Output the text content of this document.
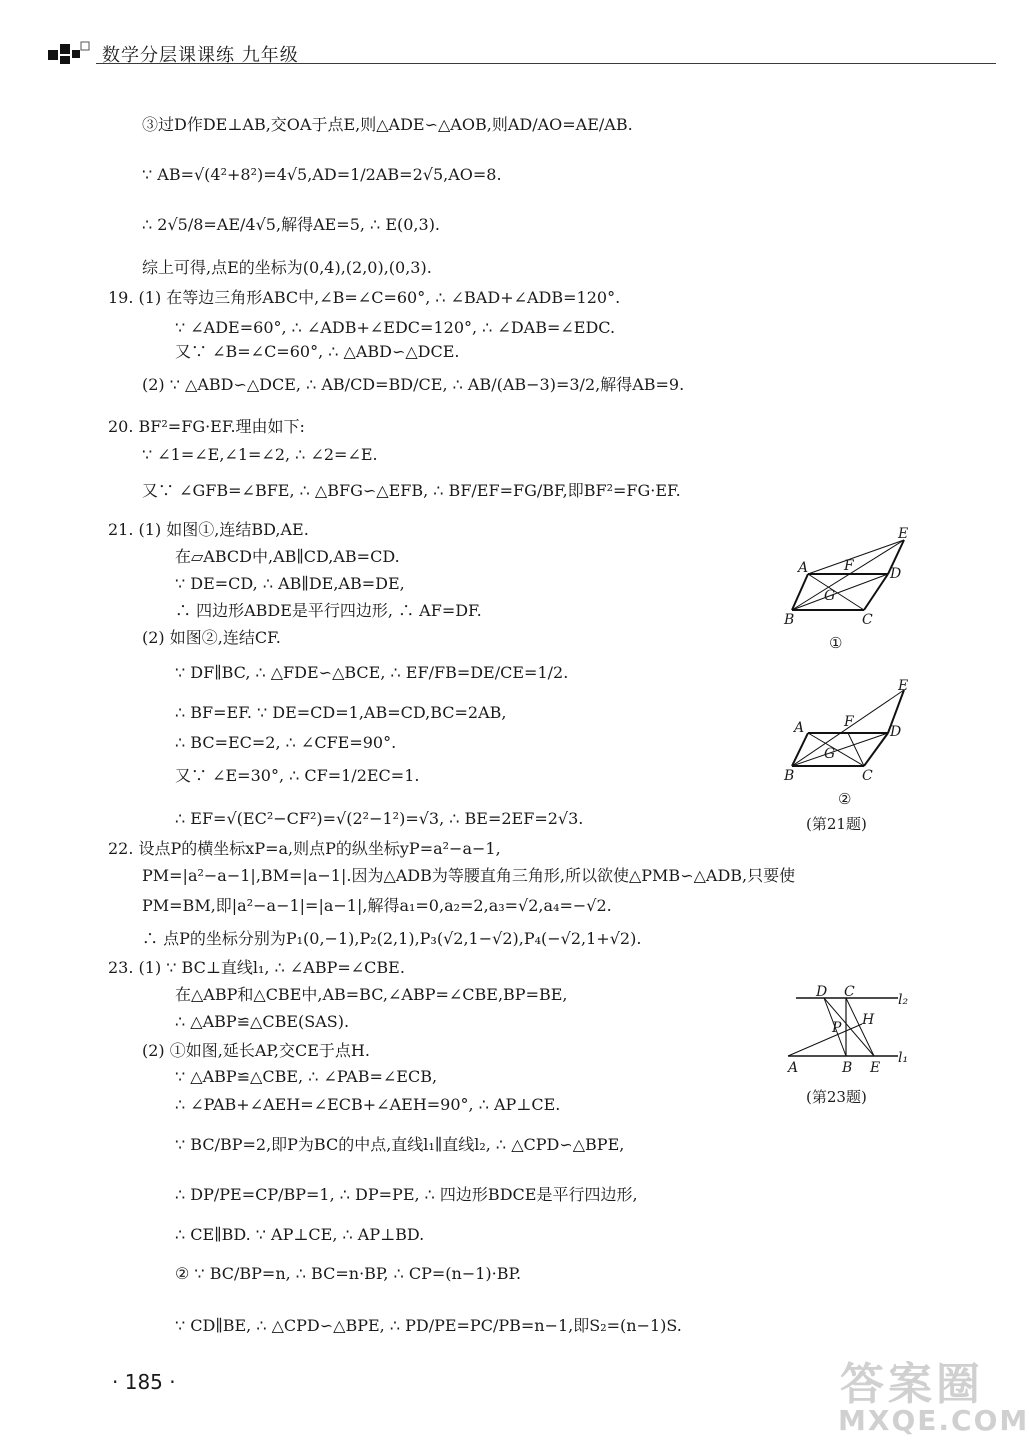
数学分层课课练 九年级
③过D作DE⊥AB,交OA于点E,则△ADE∽△AOB,则AD/AO=AE/AB.
∵ AB=√(4²+8²)=4√5,AD=1/2AB=2√5,AO=8.
∴ 2√5/8=AE/4√5,解得AE=5, ∴ E(0,3).
综上可得,点E的坐标为(0,4),(2,0),(0,3).
19. (1) 在等边三角形ABC中,∠B=∠C=60°, ∴ ∠BAD+∠ADB=120°.
∵ ∠ADE=60°, ∴ ∠ADB+∠EDC=120°, ∴ ∠DAB=∠EDC.
又∵ ∠B=∠C=60°, ∴ △ABD∽△DCE.
(2) ∵ △ABD∽△DCE, ∴ AB/CD=BD/CE, ∴ AB/(AB−3)=3/2,解得AB=9.
20. BF²=FG·EF.理由如下:
∵ ∠1=∠E,∠1=∠2, ∴ ∠2=∠E.
又∵ ∠GFB=∠BFE, ∴ △BFG∽△EFB, ∴ BF/EF=FG/BF,即BF²=FG·EF.
21. (1) 如图①,连结BD,AE.
在▱ABCD中,AB∥CD,AB=CD.
∵ DE=CD, ∴ AB∥DE,AB=DE,
∴ 四边形ABDE是平行四边形, ∴ AF=DF.
(2) 如图②,连结CF.
∵ DF∥BC, ∴ △FDE∽△BCE, ∴ EF/FB=DE/CE=1/2.
∴ BF=EF. ∵ DE=CD=1,AB=CD,BC=2AB,
∴ BC=EC=2, ∴ ∠CFE=90°.
又∵ ∠E=30°, ∴ CF=1/2EC=1.
∴ EF=√(EC²−CF²)=√(2²−1²)=√3, ∴ BE=2EF=2√3.
22. 设点P的横坐标xP=a,则点P的纵坐标yP=a²−a−1,
PM=|a²−a−1|,BM=|a−1|.因为△ADB为等腰直角三角形,所以欲使△PMB∽△ADB,只要使
PM=BM,即|a²−a−1|=|a−1|,解得a₁=0,a₂=2,a₃=√2,a₄=−√2.
∴ 点P的坐标分别为P₁(0,−1),P₂(2,1),P₃(√2,1−√2),P₄(−√2,1+√2).
23. (1) ∵ BC⊥直线l₁, ∴ ∠ABP=∠CBE.
在△ABP和△CBE中,AB=BC,∠ABP=∠CBE,BP=BE,
∴ △ABP≌△CBE(SAS).
(2) ①如图,延长AP,交CE于点H.
∵ △ABP≌△CBE, ∴ ∠PAB=∠ECB,
∴ ∠PAB+∠AEH=∠ECB+∠AEH=90°, ∴ AP⊥CE.
∵ BC/BP=2,即P为BC的中点,直线l₁∥直线l₂, ∴ △CPD∽△BPE,
∴ DP/PE=CP/BP=1, ∴ DP=PE, ∴ 四边形BDCE是平行四边形,
∴ CE∥BD. ∵ AP⊥CE, ∴ AP⊥BD.
② ∵ BC/BP=n, ∴ BC=n·BP, ∴ CP=(n−1)·BP.
∵ CD∥BE, ∴ △CPD∽△BPE, ∴ PD/PE=PC/PB=n−1,即S₂=(n−1)S.
E
A	F	D
G
B	C
①
E
A	F
D
G
B	C
②
(第21题)
D C	l₂
P H
l₁
A	B E
(第23题)
· 185 ·	答案圈
MXQE.COM
